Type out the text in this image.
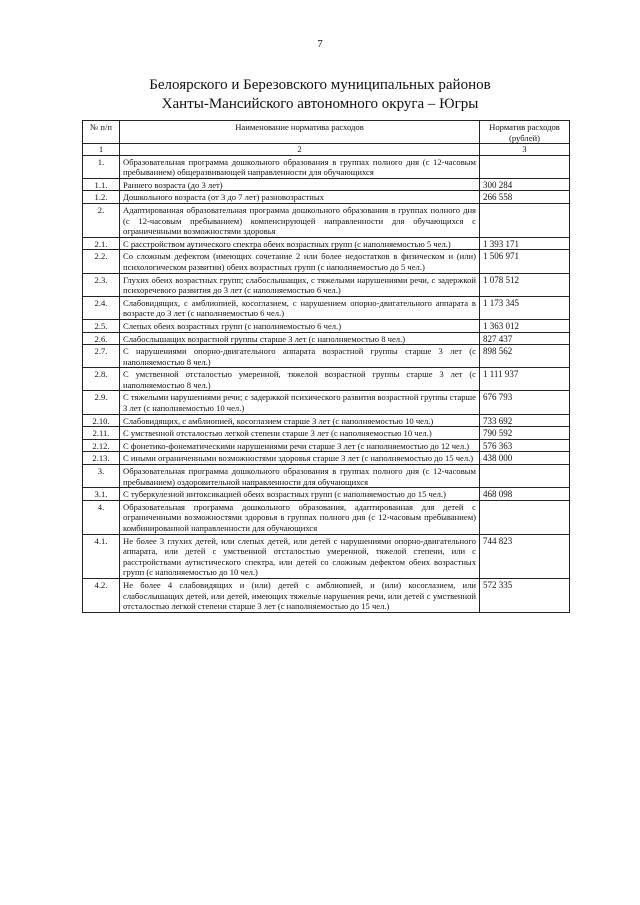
7
Белоярского и Березовского муниципальных районов
Ханты-Мансийского автономного округа – Югры
№ п/п	Наименование норматива расходов	Норматив расходов (рублей)
1	2	3
1.	Образовательная программа дошкольного образования в группах полного дня (с 12-часовым пребыванием) общеразвивающей направленности для обучающихся	
1.1.	Раннего возраста (до 3 лет)	300 284
1.2.	Дошкольного возраста (от 3 до 7 лет) разновозрастных	266 558
2.	Адаптированная образовательная программа дошкольного образования в группах полного дня (с 12-часовым пребыванием) компенсирующей направленности для обучающихся с ограниченными возможностями здоровья	
2.1.	С расстройством аутического спектра обеих возрастных групп (с наполняемостью 5 чел.)	1 393 171
2.2.	Со сложным дефектом (имеющих сочетание 2 или более недостатков в физическом и (или) психологическом развитии) обеих возрастных групп (с наполняемостью до 5 чел.)	1 506 971
2.3.	Глухих обеих возрастных групп; слабослышащих, с тяжелыми нарушениями речи, с задержкой психоречевого развития до 3 лет (с наполняемостью 6 чел.)	1 078 512
2.4.	Слабовидящих, с амблиопией, косоглазием, с нарушением опорно-двигательного аппарата в возрасте до 3 лет (с наполняемостью 6 чел.)	1 173 345
2.5.	Слепых обеих возрастных групп (с наполняемостью 6 чел.)	1 363 012
2.6.	Слабослышащих возрастной группы старше 3 лет (с наполняемостью 8 чел.)	827 437
2.7.	С нарушениями опорно-двигательного аппарата возрастной группы старше 3 лет (с наполняемостью 8 чел.)	898 562
2.8.	С умственной отсталостью умеренной, тяжелой возрастной группы старше 3 лет (с наполняемостью 8 чел.)	1 111 937
2.9.	С тяжелыми нарушениями речи; с задержкой психического развития возрастной группы старше 3 лет (с наполняемостью 10 чел.)	676 793
2.10.	Слабовидящих, с амблиопией, косоглазием старше 3 лет (с наполняемостью 10 чел.)	733 692
2.11.	С умственной отсталостью легкой степени старше 3 лет (с наполняемостью 10 чел.)	790 592
2.12.	С фонетико-фонематическими нарушениями речи старше 3 лет (с наполняемостью до 12 чел.)	576 363
2.13.	С иными ограниченными возможностями здоровья старше 3 лет (с наполняемостью до 15 чел.)	438 000
3.	Образовательная программа дошкольного образования в группах полного дня (с 12-часовым пребыванием) оздоровительной направленности для обучающихся	
3.1.	С туберкулезной интоксикацией обеих возрастных групп (с наполняемостью до 15 чел.)	468 098
4.	Образовательная программа дошкольного образования, адаптированная для детей с ограниченными возможностями здоровья в группах полного дня (с 12-часовым пребыванием) комбинированной направленности для обучающихся	
4.1.	Не более 3 глухих детей, или слепых детей, или детей с нарушениями опорно-двигательного аппарата, или детей с умственной отсталостью умеренной, тяжелой степени, или с расстройствами аутистического спектра, или детей со сложным дефектом обеих возрастных групп (с наполняемостью до 10 чел.)	744 823
4.2.	Не более 4 слабовидящих и (или) детей с амблиопией, и (или) косоглазием, или слабослышащих детей, или детей, имеющих тяжелые нарушения речи, или детей с умственной отсталостью легкой степени старше 3 лет (с наполняемостью до 15 чел.)	572 335
